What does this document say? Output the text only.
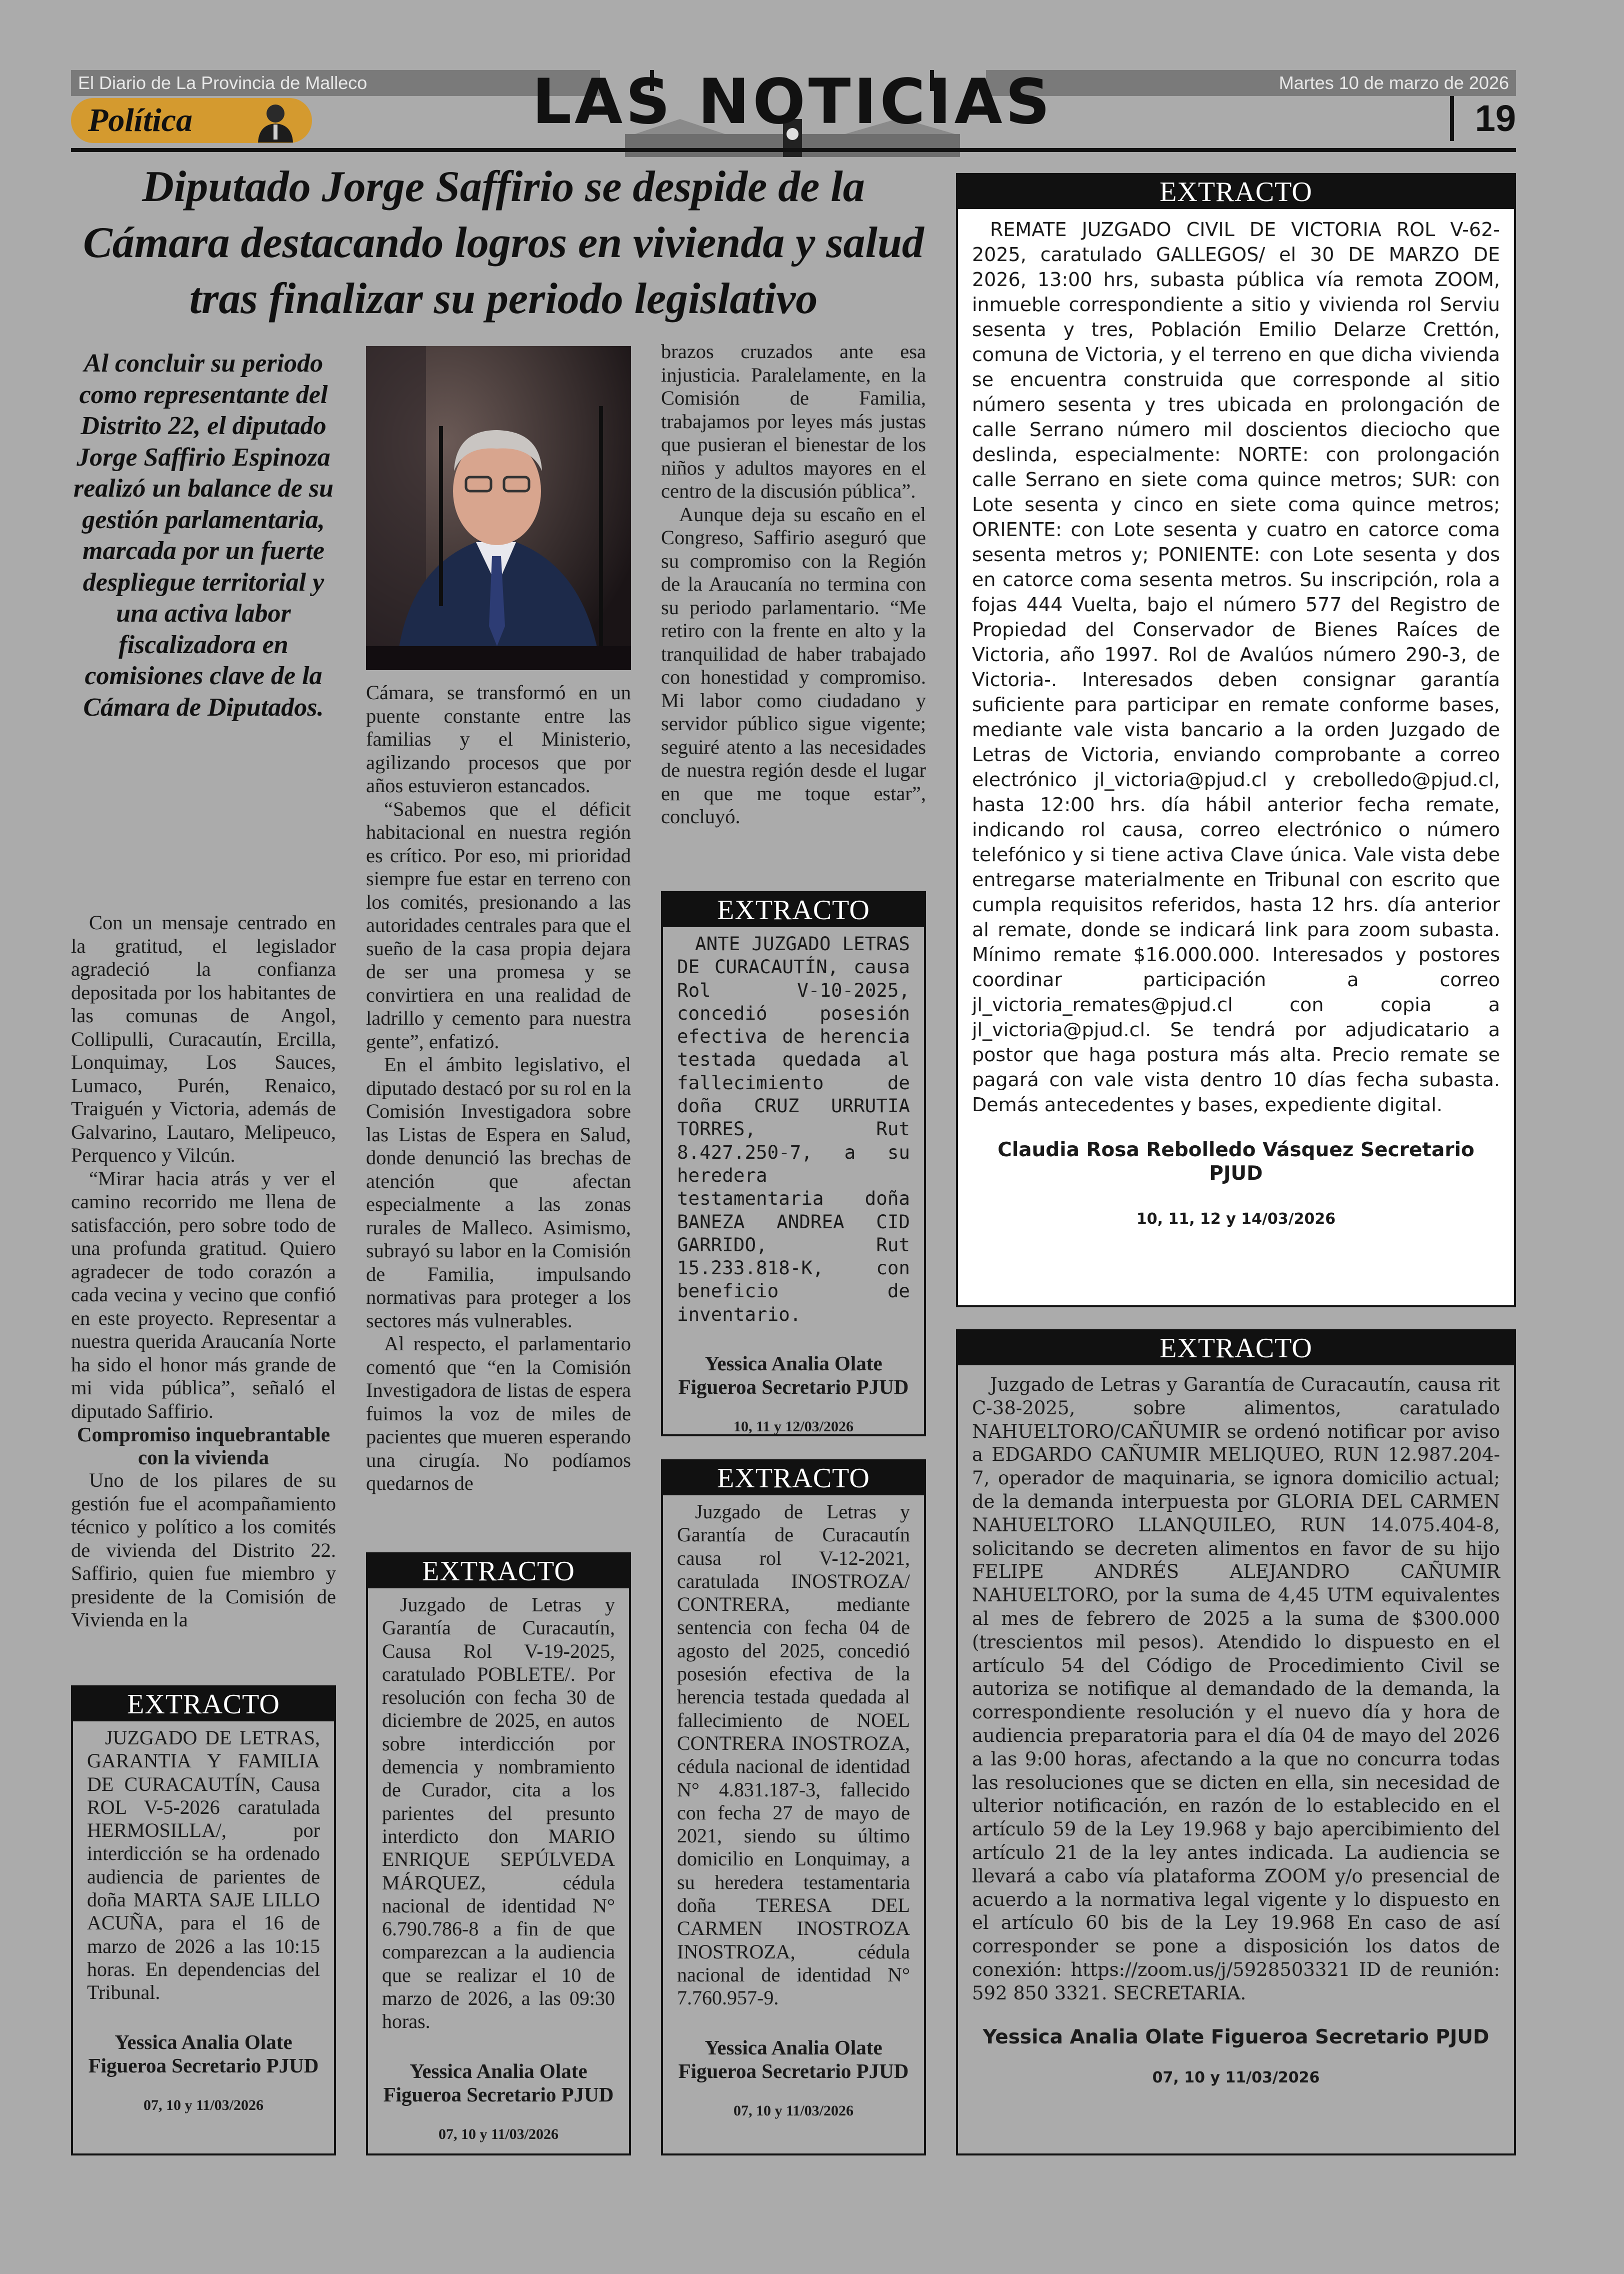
El Diario de La Provincia de Malleco	Martes 10 de marzo de 2026
LAS NOTICIAS
Política	19
Diputado Jorge Saffirio se despide de la Cámara destacando logros en vivienda y salud tras finalizar su periodo legislativo
Al concluir su periodo como representante del Distrito 22, el diputado Jorge Saffirio Espinoza realizó un balance de su gestión parlamentaria, marcada por un fuerte despliegue territorial y una activa labor fiscalizadora en comisiones clave de la Cámara de Diputados.

Con un mensaje centrado en la gratitud, el legislador agradeció la confianza depositada por los habitantes de las comunas de Angol, Collipulli, Curacautín, Ercilla, Lonquimay, Los Sauces, Lumaco, Purén, Renaico, Traiguén y Victoria, además de Galvarino, Lautaro, Melipeuco, Perquenco y Vilcún.

“Mirar hacia atrás y ver el camino recorrido me llena de satisfacción, pero sobre todo de una profunda gratitud. Quiero agradecer de todo corazón a cada vecina y vecino que confió en este proyecto. Representar a nuestra querida Araucanía Norte ha sido el honor más grande de mi vida pública”, señaló el diputado Saffirio.

Compromiso inquebrantable con la vivienda

Uno de los pilares de su gestión fue el acompañamiento técnico y político a los comités de vivienda del Distrito 22. Saffirio, quien fue miembro y presidente de la Comisión de Vivienda en la

Cámara, se transformó en un puente constante entre las familias y el Ministerio, agilizando procesos que por años estuvieron estancados.

“Sabemos que el déficit habitacional en nuestra región es crítico. Por eso, mi prioridad siempre fue estar en terreno con los comités, presionando a las autoridades centrales para que el sueño de la casa propia dejara de ser una promesa y se convirtiera en una realidad de ladrillo y cemento para nuestra gente”, enfatizó.

En el ámbito legislativo, el diputado destacó por su rol en la Comisión Investigadora sobre las Listas de Espera en Salud, donde denunció las brechas de atención que afectan especialmente a las zonas rurales de Malleco. Asimismo, subrayó su labor en la Comisión de Familia, impulsando normativas para proteger a los sectores más vulnerables.

Al respecto, el parlamentario comentó que “en la Comisión Investigadora de listas de espera fuimos la voz de miles de pacientes que mueren esperando una cirugía. No podíamos quedarnos de

brazos cruzados ante esa injusticia. Paralelamente, en la Comisión de Familia, trabajamos por leyes más justas que pusieran el bienestar de los niños y adultos mayores en el centro de la discusión pública”.

Aunque deja su escaño en el Congreso, Saffirio aseguró que su compromiso con la Región de la Araucanía no termina con su periodo parlamentario. “Me retiro con la frente en alto y la tranquilidad de haber trabajado con honestidad y compromiso. Mi labor como ciudadano y servidor público sigue vigente; seguiré atento a las necesidades de nuestra región desde el lugar en que me toque estar”, concluyó.

EXTRACTO

JUZGADO DE LETRAS, GARANTIA Y FAMILIA DE CURACAUTÍN, Causa ROL V-5-2026 caratulada HERMOSILLA/, por interdicción se ha ordenado audiencia de parientes de doña MARTA SAJE LILLO ACUÑA, para el 16 de marzo de 2026 a las 10:15 horas. En dependencias del Tribunal.

Yessica Analia Olate Figueroa Secretario PJUD
07, 10 y 11/03/2026
EXTRACTO

Juzgado de Letras y Garantía de Curacautín, Causa Rol V-19-2025, caratulado POBLETE/. Por resolución con fecha 30 de diciembre de 2025, en autos sobre interdicción por demencia y nombramiento de Curador, cita a los parientes del presunto interdicto don MARIO ENRIQUE SEPÚLVEDA MÁRQUEZ, cédula nacional de identidad N° 6.790.786-8 a fin de que comparezcan a la audiencia que se realizar el 10 de marzo de 2026, a las 09:30 horas.

Yessica Analia Olate Figueroa Secretario PJUD
07, 10 y 11/03/2026
EXTRACTO

ANTE JUZGADO LETRAS DE CURACAUTÍN, causa Rol V-10-2025, concedió posesión efectiva de herencia testada quedada al fallecimiento de doña CRUZ URRUTIA TORRES, Rut 8.427.250-7, a su heredera testamentaria doña BANEZA ANDREA CID GARRIDO, Rut 15.233.818-K, con beneficio de inventario.

Yessica Analia Olate Figueroa Secretario PJUD
10, 11 y 12/03/2026
EXTRACTO

Juzgado de Letras y Garantía de Curacautín causa rol V-12-2021, caratulada INOSTROZA/ CONTRERA, mediante sentencia con fecha 04 de agosto del 2025, concedió posesión efectiva de la herencia testada quedada al fallecimiento de NOEL CONTRERA INOSTROZA, cédula nacional de identidad N° 4.831.187-3, fallecido con fecha 27 de mayo de 2021, siendo su último domicilio en Lonquimay, a su heredera testamentaria doña TERESA DEL CARMEN INOSTROZA INOSTROZA, cédula nacional de identidad N° 7.760.957-9.

Yessica Analia Olate Figueroa Secretario PJUD
07, 10 y 11/03/2026
EXTRACTO

REMATE JUZGADO CIVIL DE VICTORIA ROL V-62-2025, caratulado GALLEGOS/ el 30 DE MARZO DE 2026, 13:00 hrs, subasta pública vía remota ZOOM, inmueble correspondiente a sitio y vivienda rol Serviu sesenta y tres, Población Emilio Delarze Crettón, comuna de Victoria, y el terreno en que dicha vivienda se encuentra construida que corresponde al sitio número sesenta y tres ubicada en prolongación de calle Serrano número mil doscientos dieciocho que deslinda, especialmente: NORTE: con prolongación calle Serrano en siete coma quince metros; SUR: con Lote sesenta y cinco en siete coma quince metros; ORIENTE: con Lote sesenta y cuatro en catorce coma sesenta metros y; PONIENTE: con Lote sesenta y dos en catorce coma sesenta metros. Su inscripción, rola a fojas 444 Vuelta, bajo el número 577 del Registro de Propiedad del Conservador de Bienes Raíces de Victoria, año 1997. Rol de Avalúos número 290-3, de Victoria-. Interesados deben consignar garantía suficiente para participar en remate conforme bases, mediante vale vista bancario a la orden Juzgado de Letras de Victoria, enviando comprobante a correo electrónico jl_victoria@pjud.cl y crebolledo@pjud.cl, hasta 12:00 hrs. día hábil anterior fecha remate, indicando rol causa, correo electrónico o número telefónico y si tiene activa Clave única. Vale vista debe entregarse materialmente en Tribunal con escrito que cumpla requisitos referidos, hasta 12 hrs. día anterior al remate, donde se indicará link para zoom subasta. Mínimo remate $16.000.000. Interesados y postores coordinar participación a correo jl_victoria_remates@pjud.cl con copia a jl_victoria@pjud.cl. Se tendrá por adjudicatario a postor que haga postura más alta. Precio remate se pagará con vale vista dentro 10 días fecha subasta. Demás antecedentes y bases, expediente digital.

Claudia Rosa Rebolledo Vásquez Secretario PJUD
10, 11, 12 y 14/03/2026
EXTRACTO

Juzgado de Letras y Garantía de Curacautín, causa rit C-38-2025, sobre alimentos, caratulado NAHUELTORO/CAÑUMIR se ordenó notificar por aviso a EDGARDO CAÑUMIR MELIQUEO, RUN 12.987.204-7, operador de maquinaria, se ignora domicilio actual; de la demanda interpuesta por GLORIA DEL CARMEN NAHUELTORO LLANQUILEO, RUN 14.075.404-8, solicitando se decreten alimentos en favor de su hijo FELIPE ANDRÉS ALEJANDRO CAÑUMIR NAHUELTORO, por la suma de 4,45 UTM equivalentes al mes de febrero de 2025 a la suma de $300.000 (trescientos mil pesos). Atendido lo dispuesto en el artículo 54 del Código de Procedimiento Civil se autoriza se notifique al demandado de la demanda, la correspondiente resolución y el nuevo día y hora de audiencia preparatoria para el día 04 de mayo del 2026 a las 9:00 horas, afectando a la que no concurra todas las resoluciones que se dicten en ella, sin necesidad de ulterior notificación, en razón de lo establecido en el artículo 59 de la Ley 19.968 y bajo apercibimiento del artículo 21 de la ley antes indicada. La audiencia se llevará a cabo vía plataforma ZOOM y/o presencial de acuerdo a la normativa legal vigente y lo dispuesto en el artículo 60 bis de la Ley 19.968 En caso de así corresponder se pone a disposición los datos de conexión: https://zoom.us/j/5928503321 ID de reunión: 592 850 3321. SECRETARIA.

Yessica Analia Olate Figueroa Secretario PJUD
07, 10 y 11/03/2026
